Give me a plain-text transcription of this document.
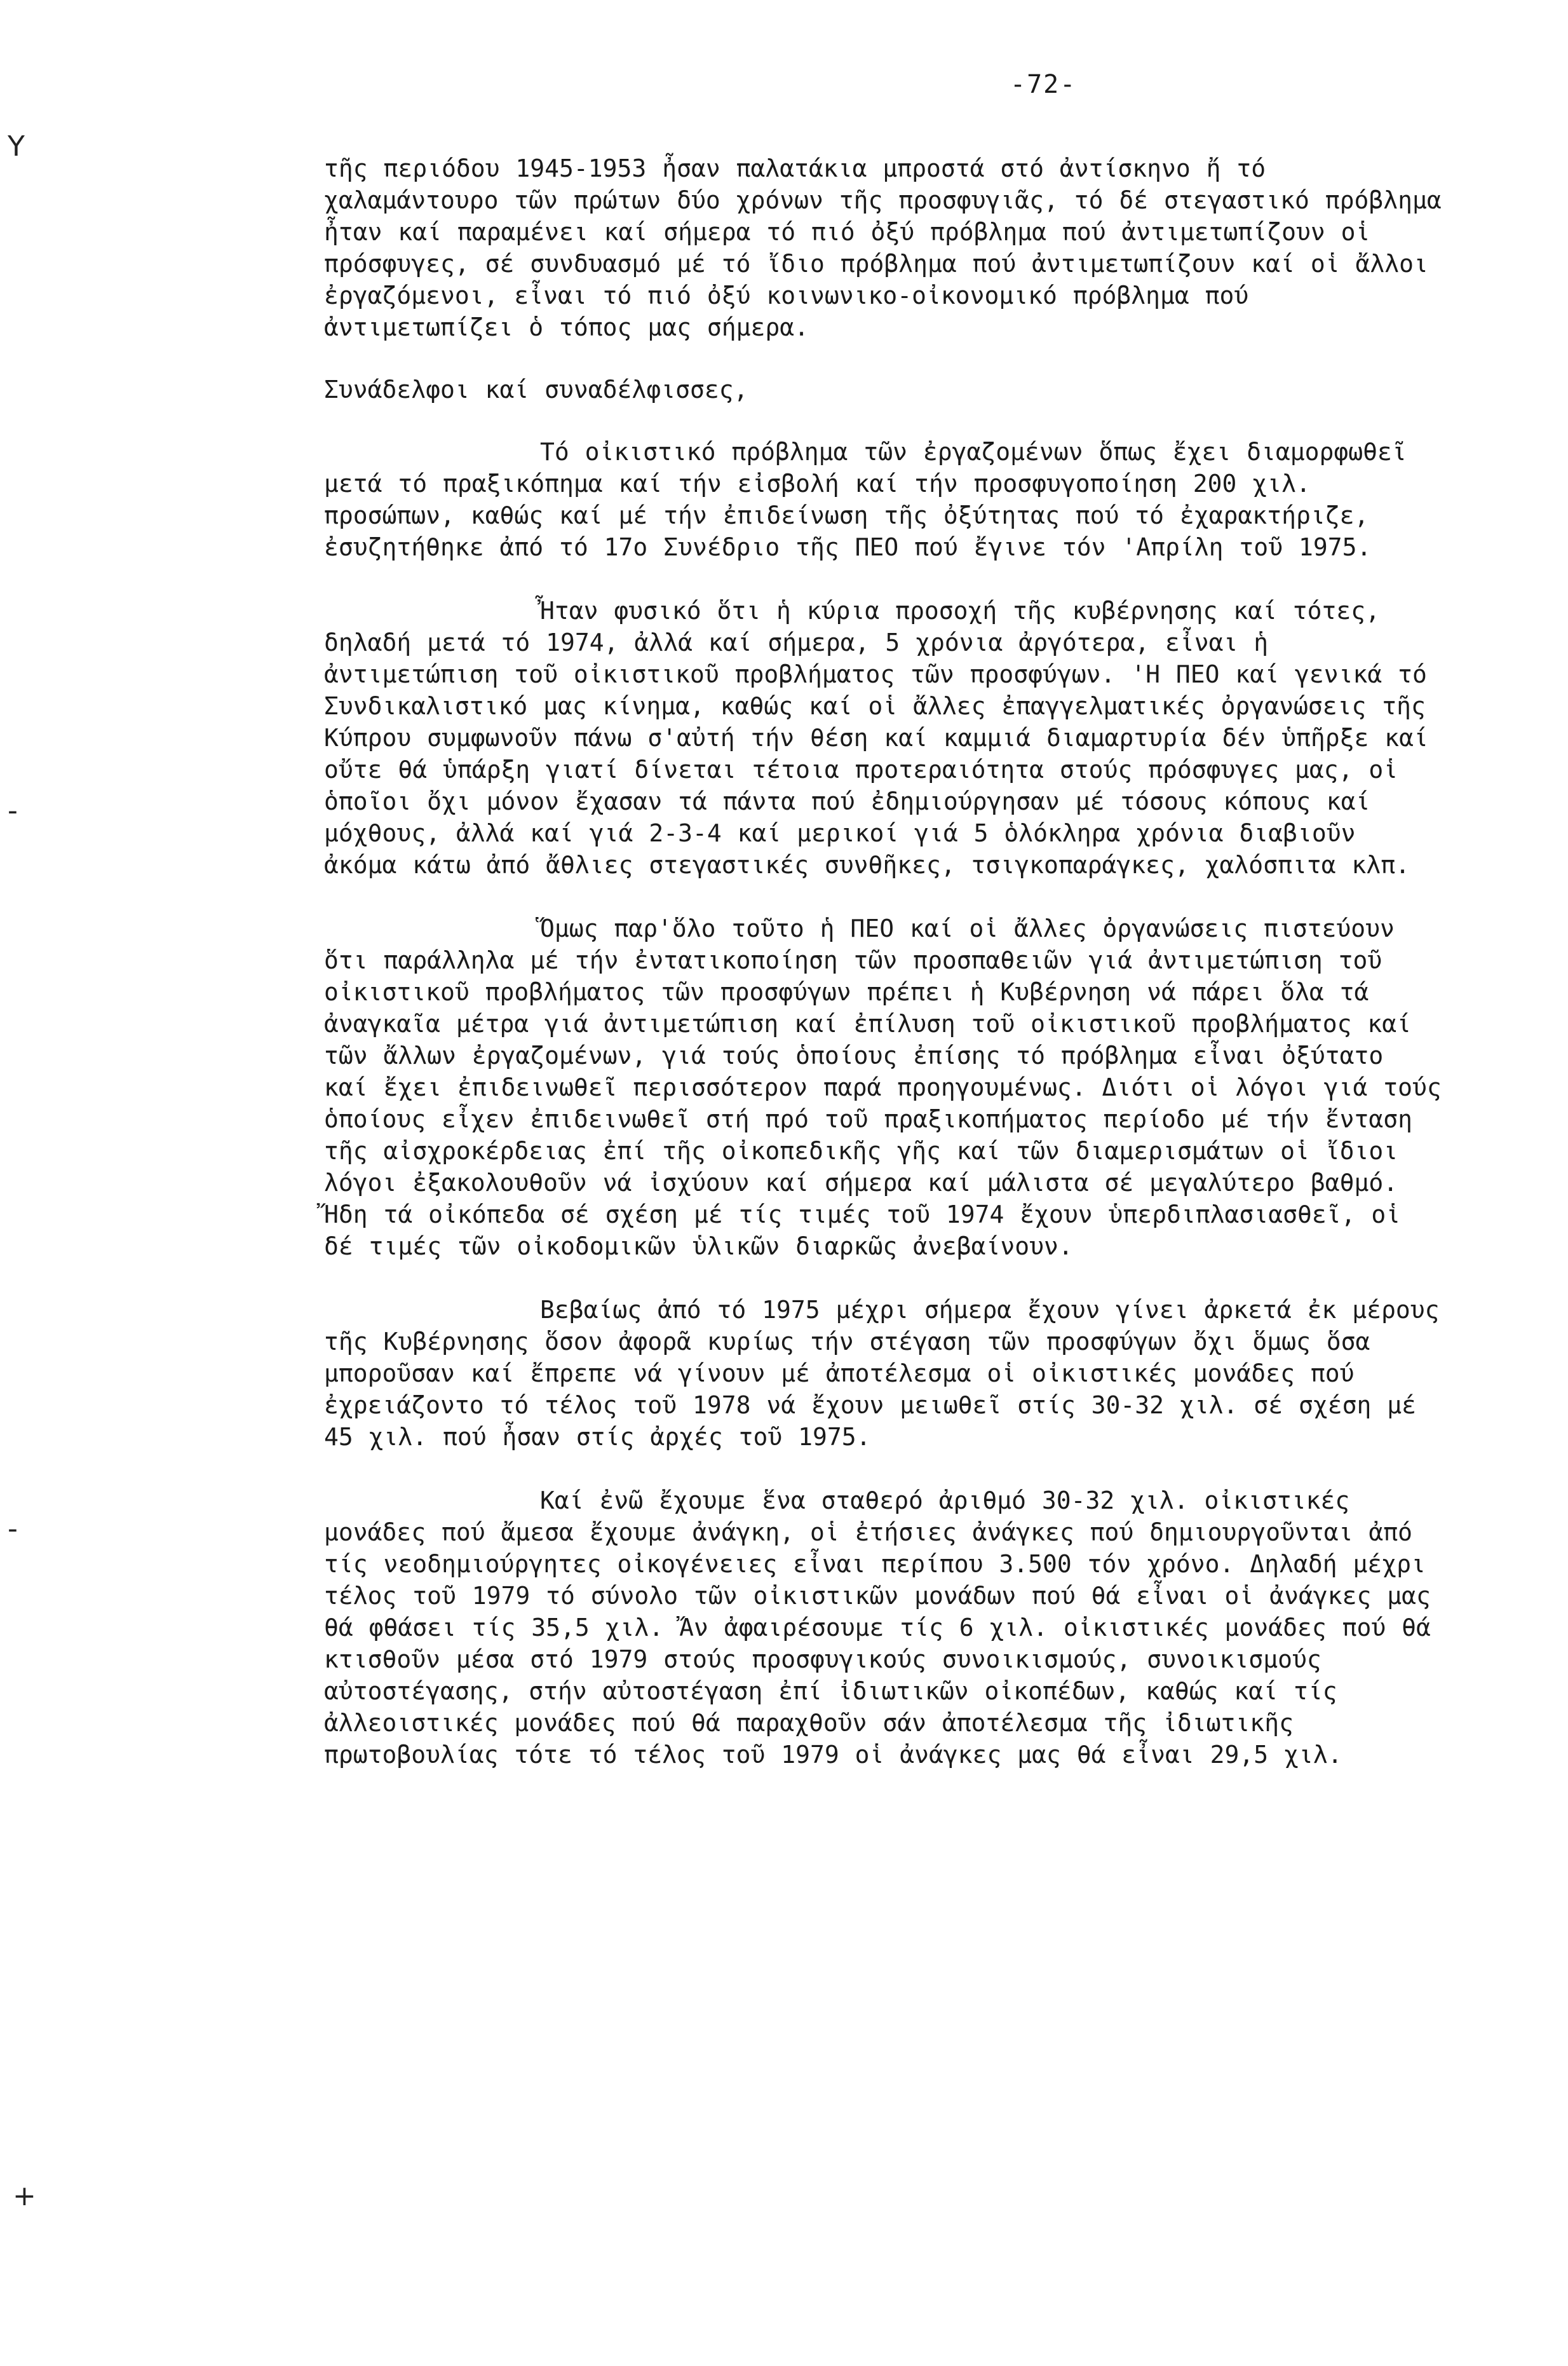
-72-
Y
-
-
+

τῆς περιόδου 1945-1953 ἦσαν παλατάκια μπροστά στό ἀντίσκηνο ἤ τό χαλαμάντουρο τῶν πρώτων δύο χρόνων τῆς προσφυγιᾶς, τό δέ στεγαστικό πρόβλημα ἦταν καί παραμένει καί σήμερα τό πιό ὀξύ πρόβλημα πού ἀντιμετωπίζουν οἱ πρόσφυγες, σέ συνδυασμό μέ τό ἴδιο πρόβλημα πού ἀντιμετωπίζουν καί οἱ ἄλλοι ἐργαζόμενοι, εἶναι τό πιό ὀξύ κοινωνικο-οἰκονομικό πρόβλημα πού ἀντιμετωπίζει ὁ τόπος μας σήμερα.

Συνάδελφοι καί συναδέλφισσες,

Τό οἰκιστικό πρόβλημα τῶν ἐργαζομένων ὅπως ἔχει διαμορφωθεῖ μετά τό πραξικόπημα καί τήν εἰσβολή καί τήν προσφυγοποίηση 200 χιλ. προσώπων, καθώς καί μέ τήν ἐπιδείνωση τῆς ὀξύτητας πού τό ἐχαρακτήριζε, ἐσυζητήθηκε ἀπό τό 17ο Συνέδριο τῆς ΠΕΟ πού ἔγινε τόν 'Απρίλη τοῦ 1975.

Ἦταν φυσικό ὅτι ἡ κύρια προσοχή τῆς κυβέρνησης καί τότες, δηλαδή μετά τό 1974, ἀλλά καί σήμερα, 5 χρόνια ἀργότερα, εἶναι ἡ ἀντιμετώπιση τοῦ οἰκιστικοῦ προβλήματος τῶν προσφύγων. 'Η ΠΕΟ καί γενικά τό Συνδικαλιστικό μας κίνημα, καθώς καί οἱ ἄλλες ἐπαγγελματικές ὀργανώσεις τῆς Κύπρου συμφωνοῦν πάνω σ'αὐτή τήν θέση καί καμμιά διαμαρτυρία δέν ὑπῆρξε καί οὔτε θά ὑπάρξη γιατί δίνεται τέτοια προτεραιότητα στούς πρόσφυγες μας, οἱ ὁποῖοι ὄχι μόνον ἔχασαν τά πάντα πού ἐδημιούργησαν μέ τόσους κόπους καί μόχθους, ἀλλά καί γιά 2-3-4 καί μερικοί γιά 5 ὁλόκληρα χρόνια διαβιοῦν ἀκόμα κάτω ἀπό ἄθλιες στεγαστικές συνθῆκες, τσιγκοπαράγκες, χαλόσπιτα κλπ.

Ὅμως παρ'ὅλο τοῦτο ἡ ΠΕΟ καί οἱ ἄλλες ὀργανώσεις πιστεύουν ὅτι παράλληλα μέ τήν ἐντατικοποίηση τῶν προσπαθειῶν γιά ἀντιμετώπιση τοῦ οἰκιστικοῦ προβλήματος τῶν προσφύγων πρέπει ἡ Κυβέρνηση νά πάρει ὅλα τά ἀναγκαῖα μέτρα γιά ἀντιμετώπιση καί ἐπίλυση τοῦ οἰκιστικοῦ προβλήματος καί τῶν ἄλλων ἐργαζομένων, γιά τούς ὁποίους ἐπίσης τό πρόβλημα εἶναι ὀξύτατο καί ἔχει ἐπιδεινωθεῖ περισσότερον παρά προηγουμένως. Διότι οἱ λόγοι γιά τούς ὁποίους εἶχεν ἐπιδεινωθεῖ στή πρό τοῦ πραξικοπήματος περίοδο μέ τήν ἔνταση τῆς αἰσχροκέρδειας ἐπί τῆς οἰκοπεδικῆς γῆς καί τῶν διαμερισμάτων οἱ ἴδιοι λόγοι ἐξακολουθοῦν νά ἰσχύουν καί σήμερα καί μάλιστα σέ μεγαλύτερο βαθμό. Ἤδη τά οἰκόπεδα σέ σχέση μέ τίς τιμές τοῦ 1974 ἔχουν ὑπερδιπλασιασθεῖ, οἱ δέ τιμές τῶν οἰκοδομικῶν ὑλικῶν διαρκῶς ἀνεβαίνουν.

Βεβαίως ἀπό τό 1975 μέχρι σήμερα ἔχουν γίνει ἀρκετά ἐκ μέρους τῆς Κυβέρνησης ὅσον ἀφορᾶ κυρίως τήν στέγαση τῶν προσφύγων ὄχι ὅμως ὅσα μποροῦσαν καί ἔπρεπε νά γίνουν μέ ἀποτέλεσμα οἱ οἰκιστικές μονάδες πού ἐχρειάζοντο τό τέλος τοῦ 1978 νά ἔχουν μειωθεῖ στίς 30-32 χιλ. σέ σχέση μέ 45 χιλ. πού ἦσαν στίς ἀρχές τοῦ 1975.

Καί ἐνῶ ἔχουμε ἕνα σταθερό ἀριθμό 30-32 χιλ. οἰκιστικές μονάδες πού ἄμεσα ἔχουμε ἀνάγκη, οἱ ἐτήσιες ἀνάγκες πού δημιουργοῦνται ἀπό τίς νεοδημιούργητες οἰκογένειες εἶναι περίπου 3.500 τόν χρόνο. Δηλαδή μέχρι τέλος τοῦ 1979 τό σύνολο τῶν οἰκιστικῶν μονάδων πού θά εἶναι οἱ ἀνάγκες μας θά φθάσει τίς 35,5 χιλ. Ἄν ἀφαιρέσουμε τίς 6 χιλ. οἰκιστικές μονάδες πού θά κτισθοῦν μέσα στό 1979 στούς προσφυγικούς συνοικισμούς, συνοικισμούς αὐτοστέγασης, στήν αὐτοστέγαση ἐπί ἰδιωτικῶν οἰκοπέδων, καθώς καί τίς ἀλλεοιστικές μονάδες πού θά παραχθοῦν σάν ἀποτέλεσμα τῆς ἰδιωτικῆς πρωτοβουλίας τότε τό τέλος τοῦ 1979 οἱ ἀνάγκες μας θά εἶναι 29,5 χιλ.
